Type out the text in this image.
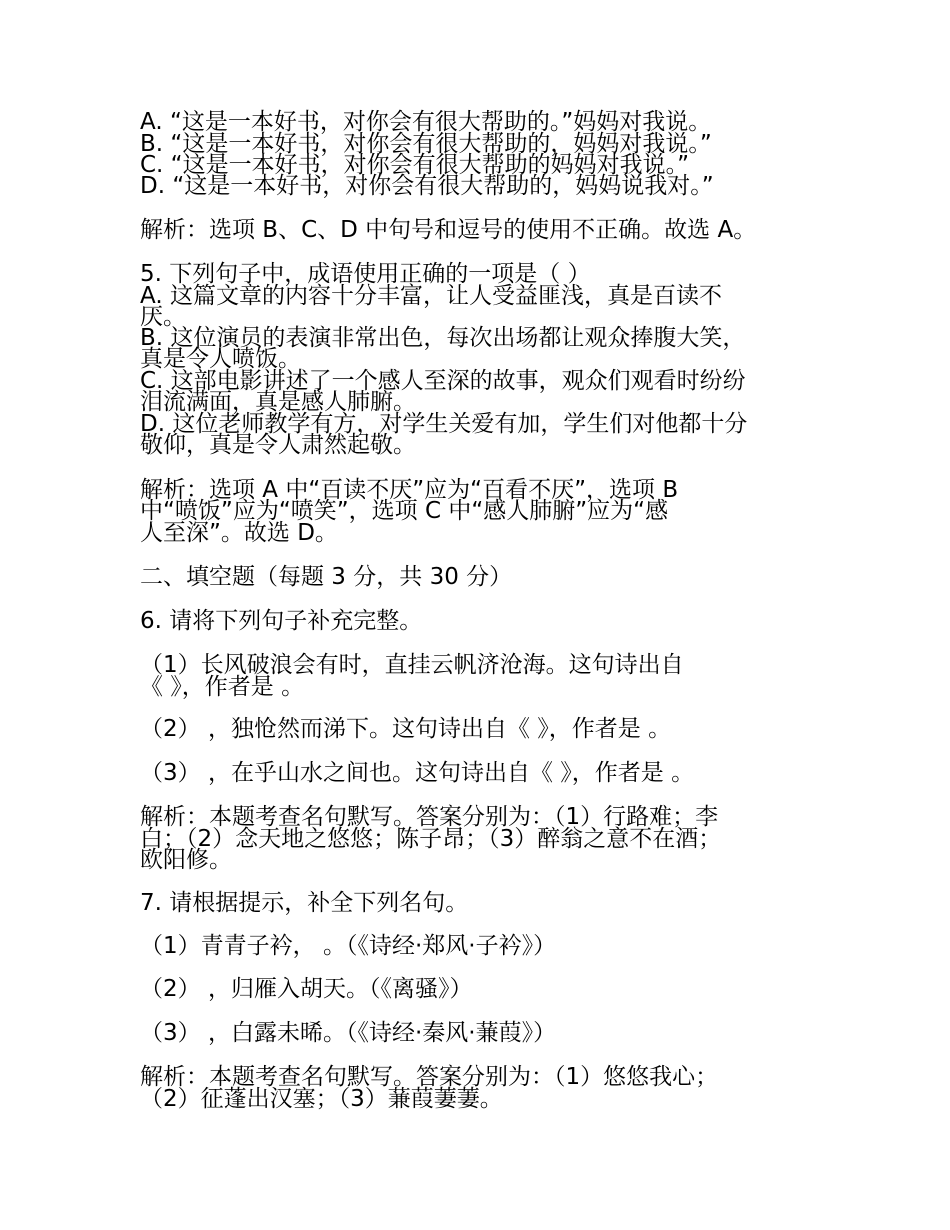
A. “这是一本好书，对你会有很大帮助的。”妈妈对我说。
B. “这是一本好书，对你会有很大帮助的，妈妈对我说。”
C. “这是一本好书，对你会有很大帮助的妈妈对我说。”
D. “这是一本好书，对你会有很大帮助的，妈妈说我对。”
解析：选项 B、C、D 中句号和逗号的使用不正确。故选 A。
5. 下列句子中，成语使用正确的一项是（ ）
A. 这篇文章的内容十分丰富，让人受益匪浅，真是百读不
厌。
B. 这位演员的表演非常出色，每次出场都让观众捧腹大笑，
真是令人喷饭。
C. 这部电影讲述了一个感人至深的故事，观众们观看时纷纷
泪流满面，真是感人肺腑。
D. 这位老师教学有方，对学生关爱有加，学生们对他都十分
敬仰，真是令人肃然起敬。
解析：选项 A 中“百读不厌”应为“百看不厌”，选项 B
中“喷饭”应为“喷笑”，选项 C 中“感人肺腑”应为“感
人至深”。故选 D。
二、填空题（每题 3 分，共 30 分）
6. 请将下列句子补充完整。
（1）长风破浪会有时，直挂云帆济沧海。这句诗出自
《 》，作者是 。
（2） ，独怆然而涕下。这句诗出自《 》，作者是 。
（3） ，在乎山水之间也。这句诗出自《 》，作者是 。
解析：本题考查名句默写。答案分别为：（1）行路难；李
白；（2）念天地之悠悠；陈子昂；（3）醉翁之意不在酒；
欧阳修。
7. 请根据提示，补全下列名句。
（1）青青子衿， 。（《诗经·郑风·子衿》）
（2） ，归雁入胡天。（《离骚》）
（3） ，白露未晞。（《诗经·秦风·蒹葭》）
解析：本题考查名句默写。答案分别为：（1）悠悠我心；
（2）征蓬出汉塞；（3）蒹葭萋萋。
